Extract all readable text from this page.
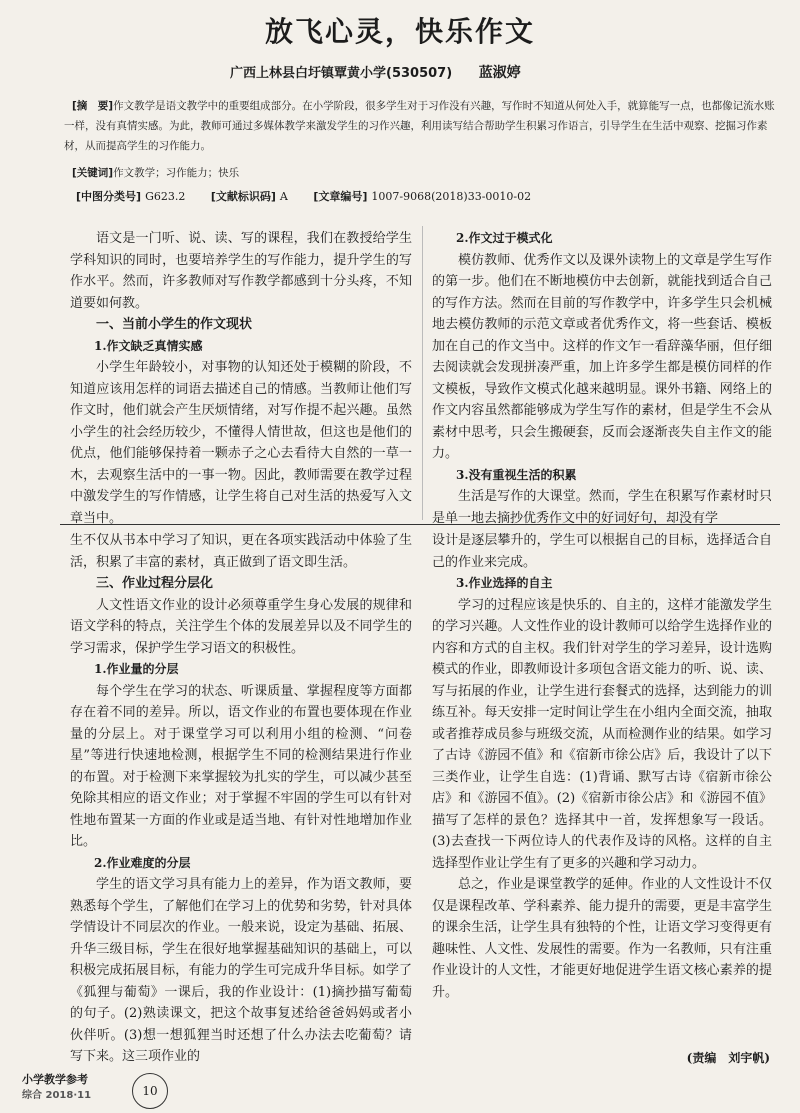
放飞心灵，快乐作文
广西上林县白圩镇覃黄小学(530507) 蓝淑婷
[摘　要]作文教学是语文教学中的重要组成部分。在小学阶段，很多学生对于习作没有兴趣，写作时不知道从何处入手，就算能写一点，也都像记流水账一样，没有真情实感。为此，教师可通过多媒体教学来激发学生的习作兴趣，利用读写结合帮助学生积累习作语言，引导学生在生活中观察、挖掘习作素材，从而提高学生的习作能力。
[关键词]作文教学；习作能力；快乐
[中图分类号] G623.2 [文献标识码] A [文章编号] 1007-9068(2018)33-0010-02

语文是一门听、说、读、写的课程，我们在教授给学生学科知识的同时，也要培养学生的写作能力，提升学生的写作水平。然而，许多教师对写作教学都感到十分头疼，不知道要如何教。

一、当前小学生的作文现状
1.作文缺乏真情实感

小学生年龄较小，对事物的认知还处于模糊的阶段，不知道应该用怎样的词语去描述自己的情感。当教师让他们写作文时，他们就会产生厌烦情绪，对写作提不起兴趣。虽然小学生的社会经历较少，不懂得人情世故，但这也是他们的优点，他们能够保持着一颗赤子之心去看待大自然的一草一木，去观察生活中的一事一物。因此，教师需要在教学过程中激发学生的写作情感，让学生将自己对生活的热爱写入文章当中。

2.作文过于模式化

模仿教师、优秀作文以及课外读物上的文章是学生写作的第一步。他们在不断地模仿中去创新，就能找到适合自己的写作方法。然而在目前的写作教学中，许多学生只会机械地去模仿教师的示范文章或者优秀作文，将一些套话、模板加在自己的作文当中。这样的作文乍一看辞藻华丽，但仔细去阅读就会发现拼凑严重，加上许多学生都是模仿同样的作文模板，导致作文模式化越来越明显。课外书籍、网络上的作文内容虽然都能够成为学生写作的素材，但是学生不会从素材中思考，只会生搬硬套，反而会逐渐丧失自主作文的能力。

3.没有重视生活的积累

生活是写作的大课堂。然而，学生在积累写作素材时只是单一地去摘抄优秀作文中的好词好句，却没有学

生不仅从书本中学习了知识，更在各项实践活动中体验了生活，积累了丰富的素材，真正做到了语文即生活。

三、作业过程分层化

人文性语文作业的设计必须尊重学生身心发展的规律和语文学科的特点，关注学生个体的发展差异以及不同学生的学习需求，保护学生学习语文的积极性。

1.作业量的分层

每个学生在学习的状态、听课质量、掌握程度等方面都存在着不同的差异。所以，语文作业的布置也要体现在作业量的分层上。对于课堂学习可以利用小组的检测、“问卷星”等进行快速地检测，根据学生不同的检测结果进行作业的布置。对于检测下来掌握较为扎实的学生，可以减少甚至免除其相应的语文作业；对于掌握不牢固的学生可以有针对性地布置某一方面的作业或是适当地、有针对性地增加作业比。

2.作业难度的分层

学生的语文学习具有能力上的差异，作为语文教师，要熟悉每个学生，了解他们在学习上的优势和劣势，针对具体学情设计不同层次的作业。一般来说，设定为基础、拓展、升华三级目标，学生在很好地掌握基础知识的基础上，可以积极完成拓展目标，有能力的学生可完成升华目标。如学了《狐狸与葡萄》一课后，我的作业设计：(1)摘抄描写葡萄的句子。(2)熟读课文，把这个故事复述给爸爸妈妈或者小伙伴听。(3)想一想狐狸当时还想了什么办法去吃葡萄？请写下来。这三项作业的

设计是逐层攀升的，学生可以根据自己的目标，选择适合自己的作业来完成。

3.作业选择的自主

学习的过程应该是快乐的、自主的，这样才能激发学生的学习兴趣。人文性作业的设计教师可以给学生选择作业的内容和方式的自主权。我们针对学生的学习差异，设计选购模式的作业，即教师设计多项包含语文能力的听、说、读、写与拓展的作业，让学生进行套餐式的选择，达到能力的训练互补。每天安排一定时间让学生在小组内全面交流，抽取或者推荐成员参与班级交流，从而检测作业的结果。如学习了古诗《游园不值》和《宿新市徐公店》后，我设计了以下三类作业，让学生自选：(1)背诵、默写古诗《宿新市徐公店》和《游园不值》。(2)《宿新市徐公店》和《游园不值》描写了怎样的景色？选择其中一首，发挥想象写一段话。(3)去查找一下两位诗人的代表作及诗的风格。这样的自主选择型作业让学生有了更多的兴趣和学习动力。

总之，作业是课堂教学的延伸。作业的人文性设计不仅仅是课程改革、学科素养、能力提升的需要，更是丰富学生的课余生活，让学生具有独特的个性，让语文学习变得更有趣味性、人文性、发展性的需要。作为一名教师，只有注重作业设计的人文性，才能更好地促进学生语文核心素养的提升。

(责编　刘宇帆)
小学教学参考
综合 2018·11	10
